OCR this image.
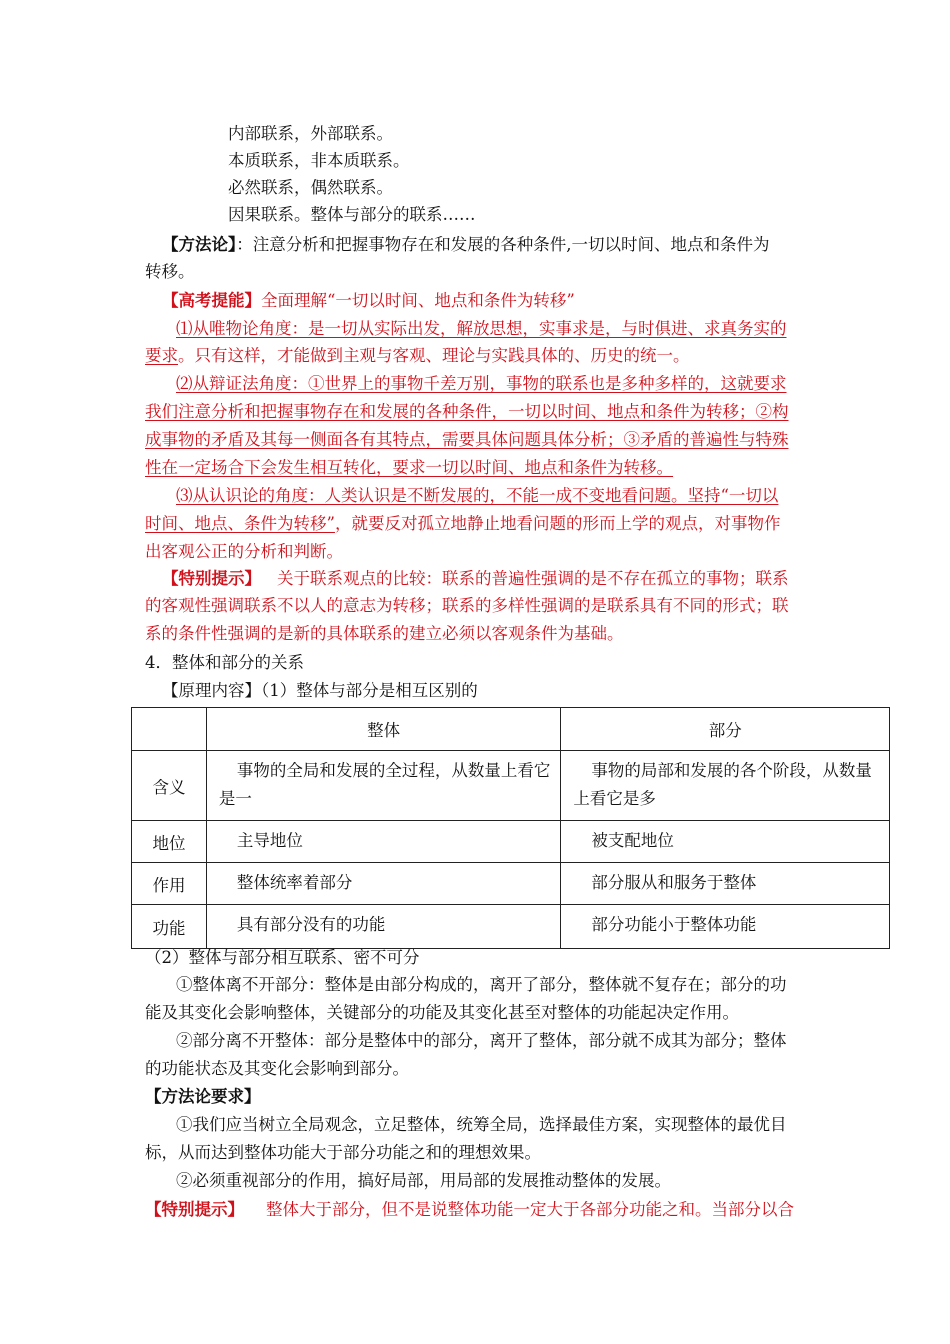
内部联系，外部联系。
本质联系，非本质联系。
必然联系，偶然联系。
因果联系。整体与部分的联系……
【方法论】：注意分析和把握事物存在和发展的各种条件,一切以时间、地点和条件为
转移。
【高考提能】全面理解“一切以时间、地点和条件为转移”
⑴从唯物论角度：是一切从实际出发，解放思想，实事求是，与时俱进、求真务实的
要求。只有这样，才能做到主观与客观、理论与实践具体的、历史的统一。
⑵从辩证法角度：①世界上的事物千差万别，事物的联系也是多种多样的，这就要求
我们注意分析和把握事物存在和发展的各种条件，一切以时间、地点和条件为转移；②构
成事物的矛盾及其每一侧面各有其特点，需要具体问题具体分析；③矛盾的普遍性与特殊
性在一定场合下会发生相互转化，要求一切以时间、地点和条件为转移。
⑶从认识论的角度：人类认识是不断发展的，不能一成不变地看问题。坚持“一切以
时间、地点、条件为转移”，就要反对孤立地静止地看问题的形而上学的观点，对事物作
出客观公正的分析和判断。
【特别提示】 关于联系观点的比较：联系的普遍性强调的是不存在孤立的事物；联系
的客观性强调联系不以人的意志为转移；联系的多样性强调的是联系具有不同的形式；联
系的条件性强调的是新的具体联系的建立必须以客观条件为基础。
4．整体和部分的关系
【原理内容】（1）整体与部分是相互区别的
	整体	部分
含义	事物的全局和发展的全过程，从数量上看它是一	事物的局部和发展的各个阶段，从数量上看它是多
地位	主导地位	被支配地位
作用	整体统率着部分	部分服从和服务于整体
功能	具有部分没有的功能	部分功能小于整体功能
（2）整体与部分相互联系、密不可分
①整体离不开部分：整体是由部分构成的，离开了部分，整体就不复存在；部分的功
能及其变化会影响整体，关键部分的功能及其变化甚至对整体的功能起决定作用。
②部分离不开整体：部分是整体中的部分，离开了整体，部分就不成其为部分；整体
的功能状态及其变化会影响到部分。
【方法论要求】
①我们应当树立全局观念，立足整体，统筹全局，选择最佳方案，实现整体的最优目
标，从而达到整体功能大于部分功能之和的理想效果。
②必须重视部分的作用，搞好局部，用局部的发展推动整体的发展。
【特别提示】 整体大于部分，但不是说整体功能一定大于各部分功能之和。当部分以合
